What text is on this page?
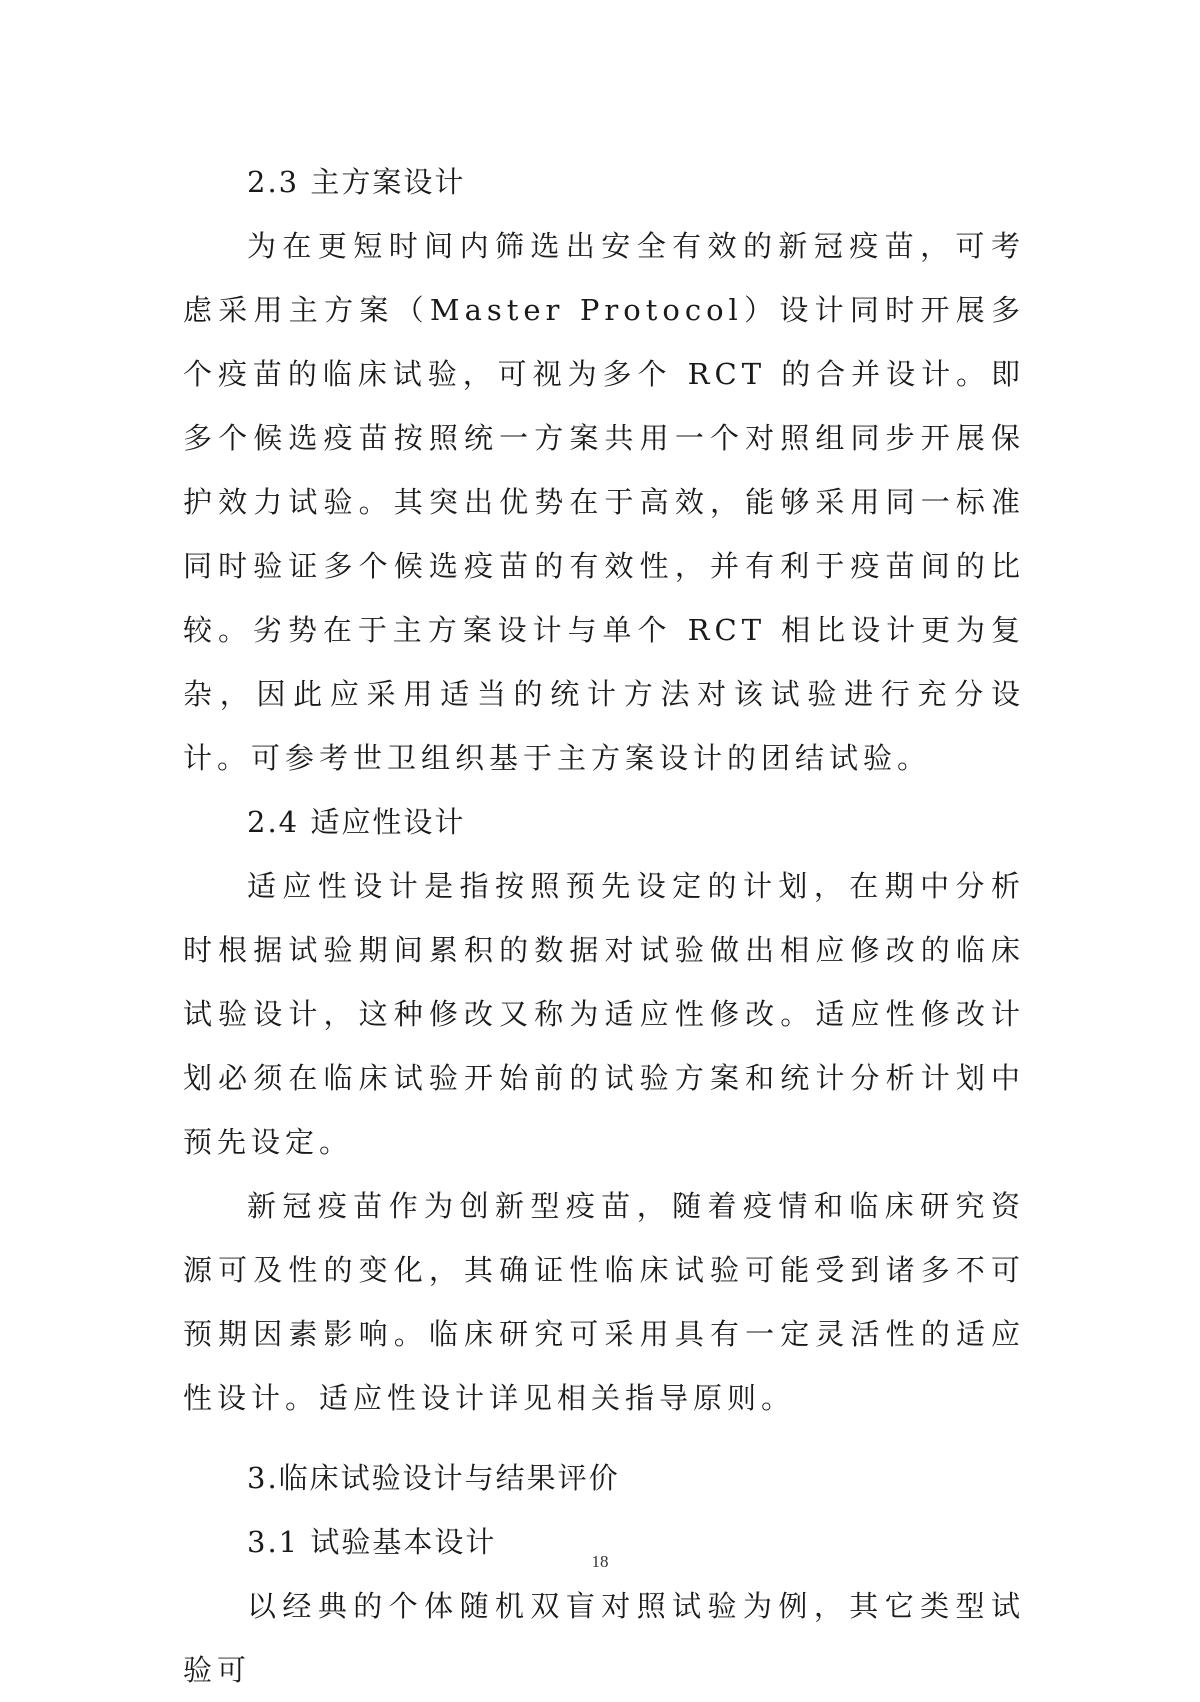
2.3 主方案设计

为在更短时间内筛选出安全有效的新冠疫苗，可考虑采用主方案（Master Protocol）设计同时开展多个疫苗的临床试验，可视为多个 RCT 的合并设计。即多个候选疫苗按照统一方案共用一个对照组同步开展保护效力试验。其突出优势在于高效，能够采用同一标准同时验证多个候选疫苗的有效性，并有利于疫苗间的比较。劣势在于主方案设计与单个 RCT 相比设计更为复杂，因此应采用适当的统计方法对该试验进行充分设计。可参考世卫组织基于主方案设计的团结试验。

2.4 适应性设计

适应性设计是指按照预先设定的计划，在期中分析时根据试验期间累积的数据对试验做出相应修改的临床试验设计，这种修改又称为适应性修改。适应性修改计划必须在临床试验开始前的试验方案和统计分析计划中预先设定。

新冠疫苗作为创新型疫苗，随着疫情和临床研究资源可及性的变化，其确证性临床试验可能受到诸多不可预期因素影响。临床研究可采用具有一定灵活性的适应性设计。适应性设计详见相关指导原则。

3.临床试验设计与结果评价

3.1 试验基本设计

以经典的个体随机双盲对照试验为例，其它类型试验可

18
